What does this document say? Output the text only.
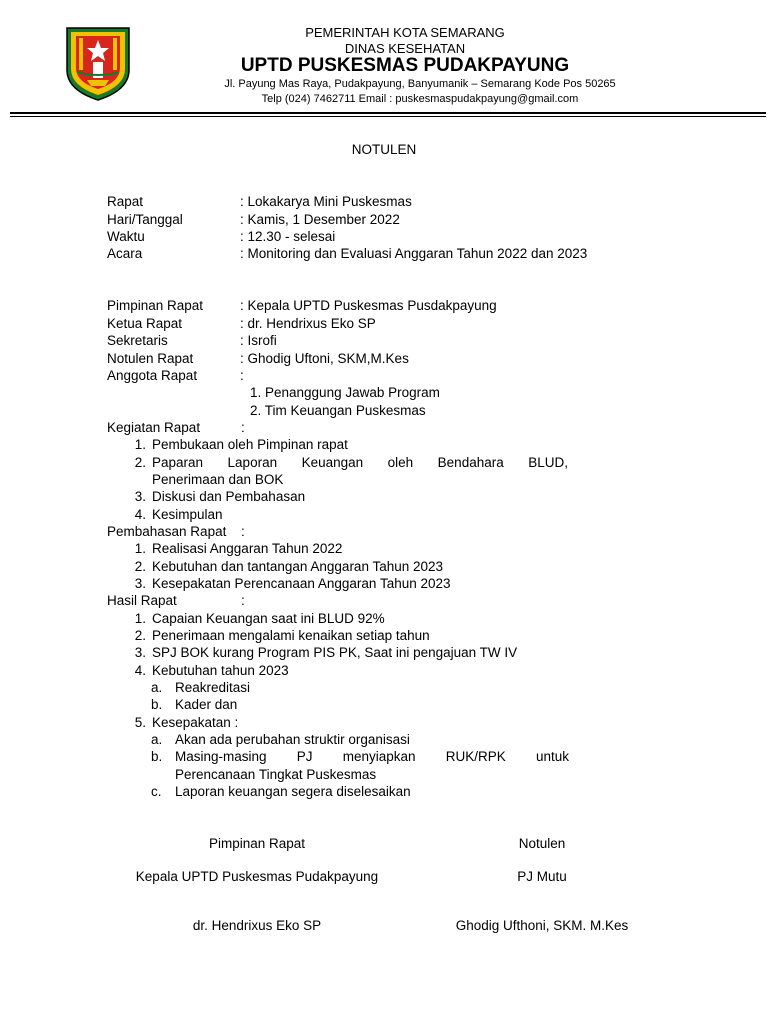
PEMERINTAH KOTA SEMARANG
DINAS KESEHATAN
UPTD PUSKESMAS PUDAKPAYUNG
Jl. Payung Mas Raya, Pudakpayung, Banyumanik – Semarang Kode Pos 50265
Telp (024) 7462711 Email : puskesmaspudakpayung@gmail.com
NOTULEN
Rapat	: Lokakarya Mini Puskesmas
Hari/Tanggal	: Kamis, 1 Desember 2022
Waktu	: 12.30 - selesai
Acara	: Monitoring dan Evaluasi Anggaran Tahun 2022 dan 2023
Pimpinan Rapat	: Kepala UPTD Puskesmas Pusdakpayung
Ketua Rapat	: dr. Hendrixus Eko SP
Sekretaris	: Isrofi
Notulen Rapat	: Ghodig Uftoni, SKM,M.Kes
Anggota Rapat	:
1. Penanggung Jawab Program
2. Tim Keuangan Puskesmas
Kegiatan Rapat	:
1. Pembukaan oleh Pimpinan rapat
2. Paparan Laporan Keuangan oleh Bendahara BLUD,
Penerimaan dan BOK
3. Diskusi dan Pembahasan
4. Kesimpulan
Pembahasan Rapat :
1. Realisasi Anggaran Tahun 2022
2. Kebutuhan dan tantangan Anggaran Tahun 2023
3. Kesepakatan Perencanaan Anggaran Tahun 2023
Hasil Rapat	:
1. Capaian Keuangan saat ini BLUD 92%
2. Penerimaan mengalami kenaikan setiap tahun
3. SPJ BOK kurang Program PIS PK, Saat ini pengajuan TW IV
4. Kebutuhan tahun 2023
a. Reakreditasi
b. Kader dan
5. Kesepakatan :
a. Akan ada perubahan struktir organisasi
b. Masing-masing PJ menyiapkan RUK/RPK untuk
Perencanaan Tingkat Puskesmas
c. Laporan keuangan segera diselesaikan
Pimpinan Rapat	Notulen
Kepala UPTD Puskesmas Pudakpayung	PJ Mutu
dr. Hendrixus Eko SP	Ghodig Ufthoni, SKM. M.Kes
